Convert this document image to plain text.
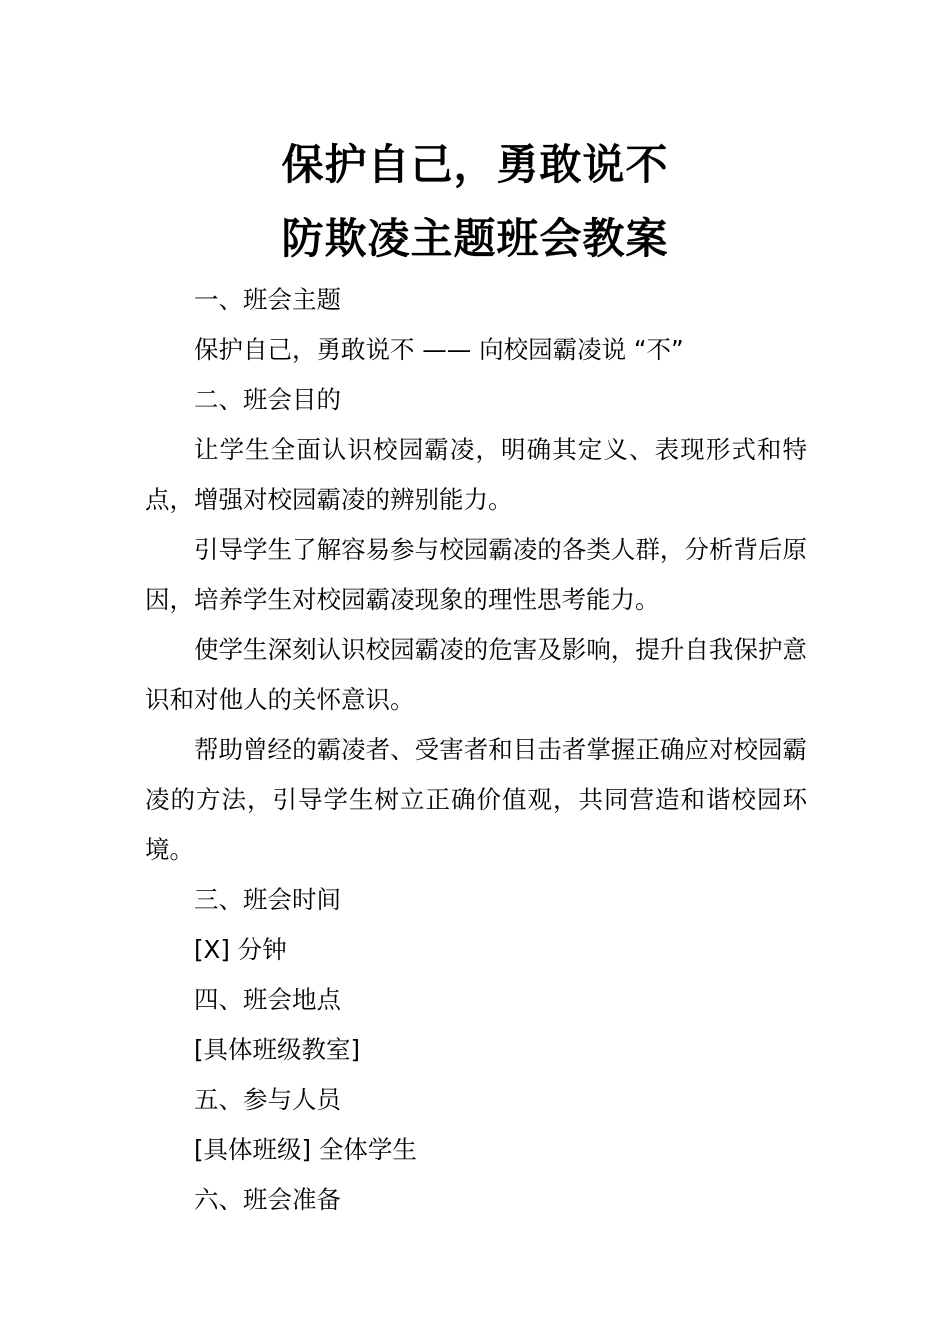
保护自己，勇敢说不
防欺凌主题班会教案

一、班会主题

保护自己，勇敢说不 —— 向校园霸凌说 “不”

二、班会目的

让学生全面认识校园霸凌，明确其定义、表现形式和特点，增强对校园霸凌的辨别能力。

引导学生了解容易参与校园霸凌的各类人群，分析背后原因，培养学生对校园霸凌现象的理性思考能力。

使学生深刻认识校园霸凌的危害及影响，提升自我保护意识和对他人的关怀意识。

帮助曾经的霸凌者、受害者和目击者掌握正确应对校园霸凌的方法，引导学生树立正确价值观，共同营造和谐校园环境。

三、班会时间

[X] 分钟

四、班会地点

[具体班级教室]

五、参与人员

[具体班级] 全体学生

六、班会准备
